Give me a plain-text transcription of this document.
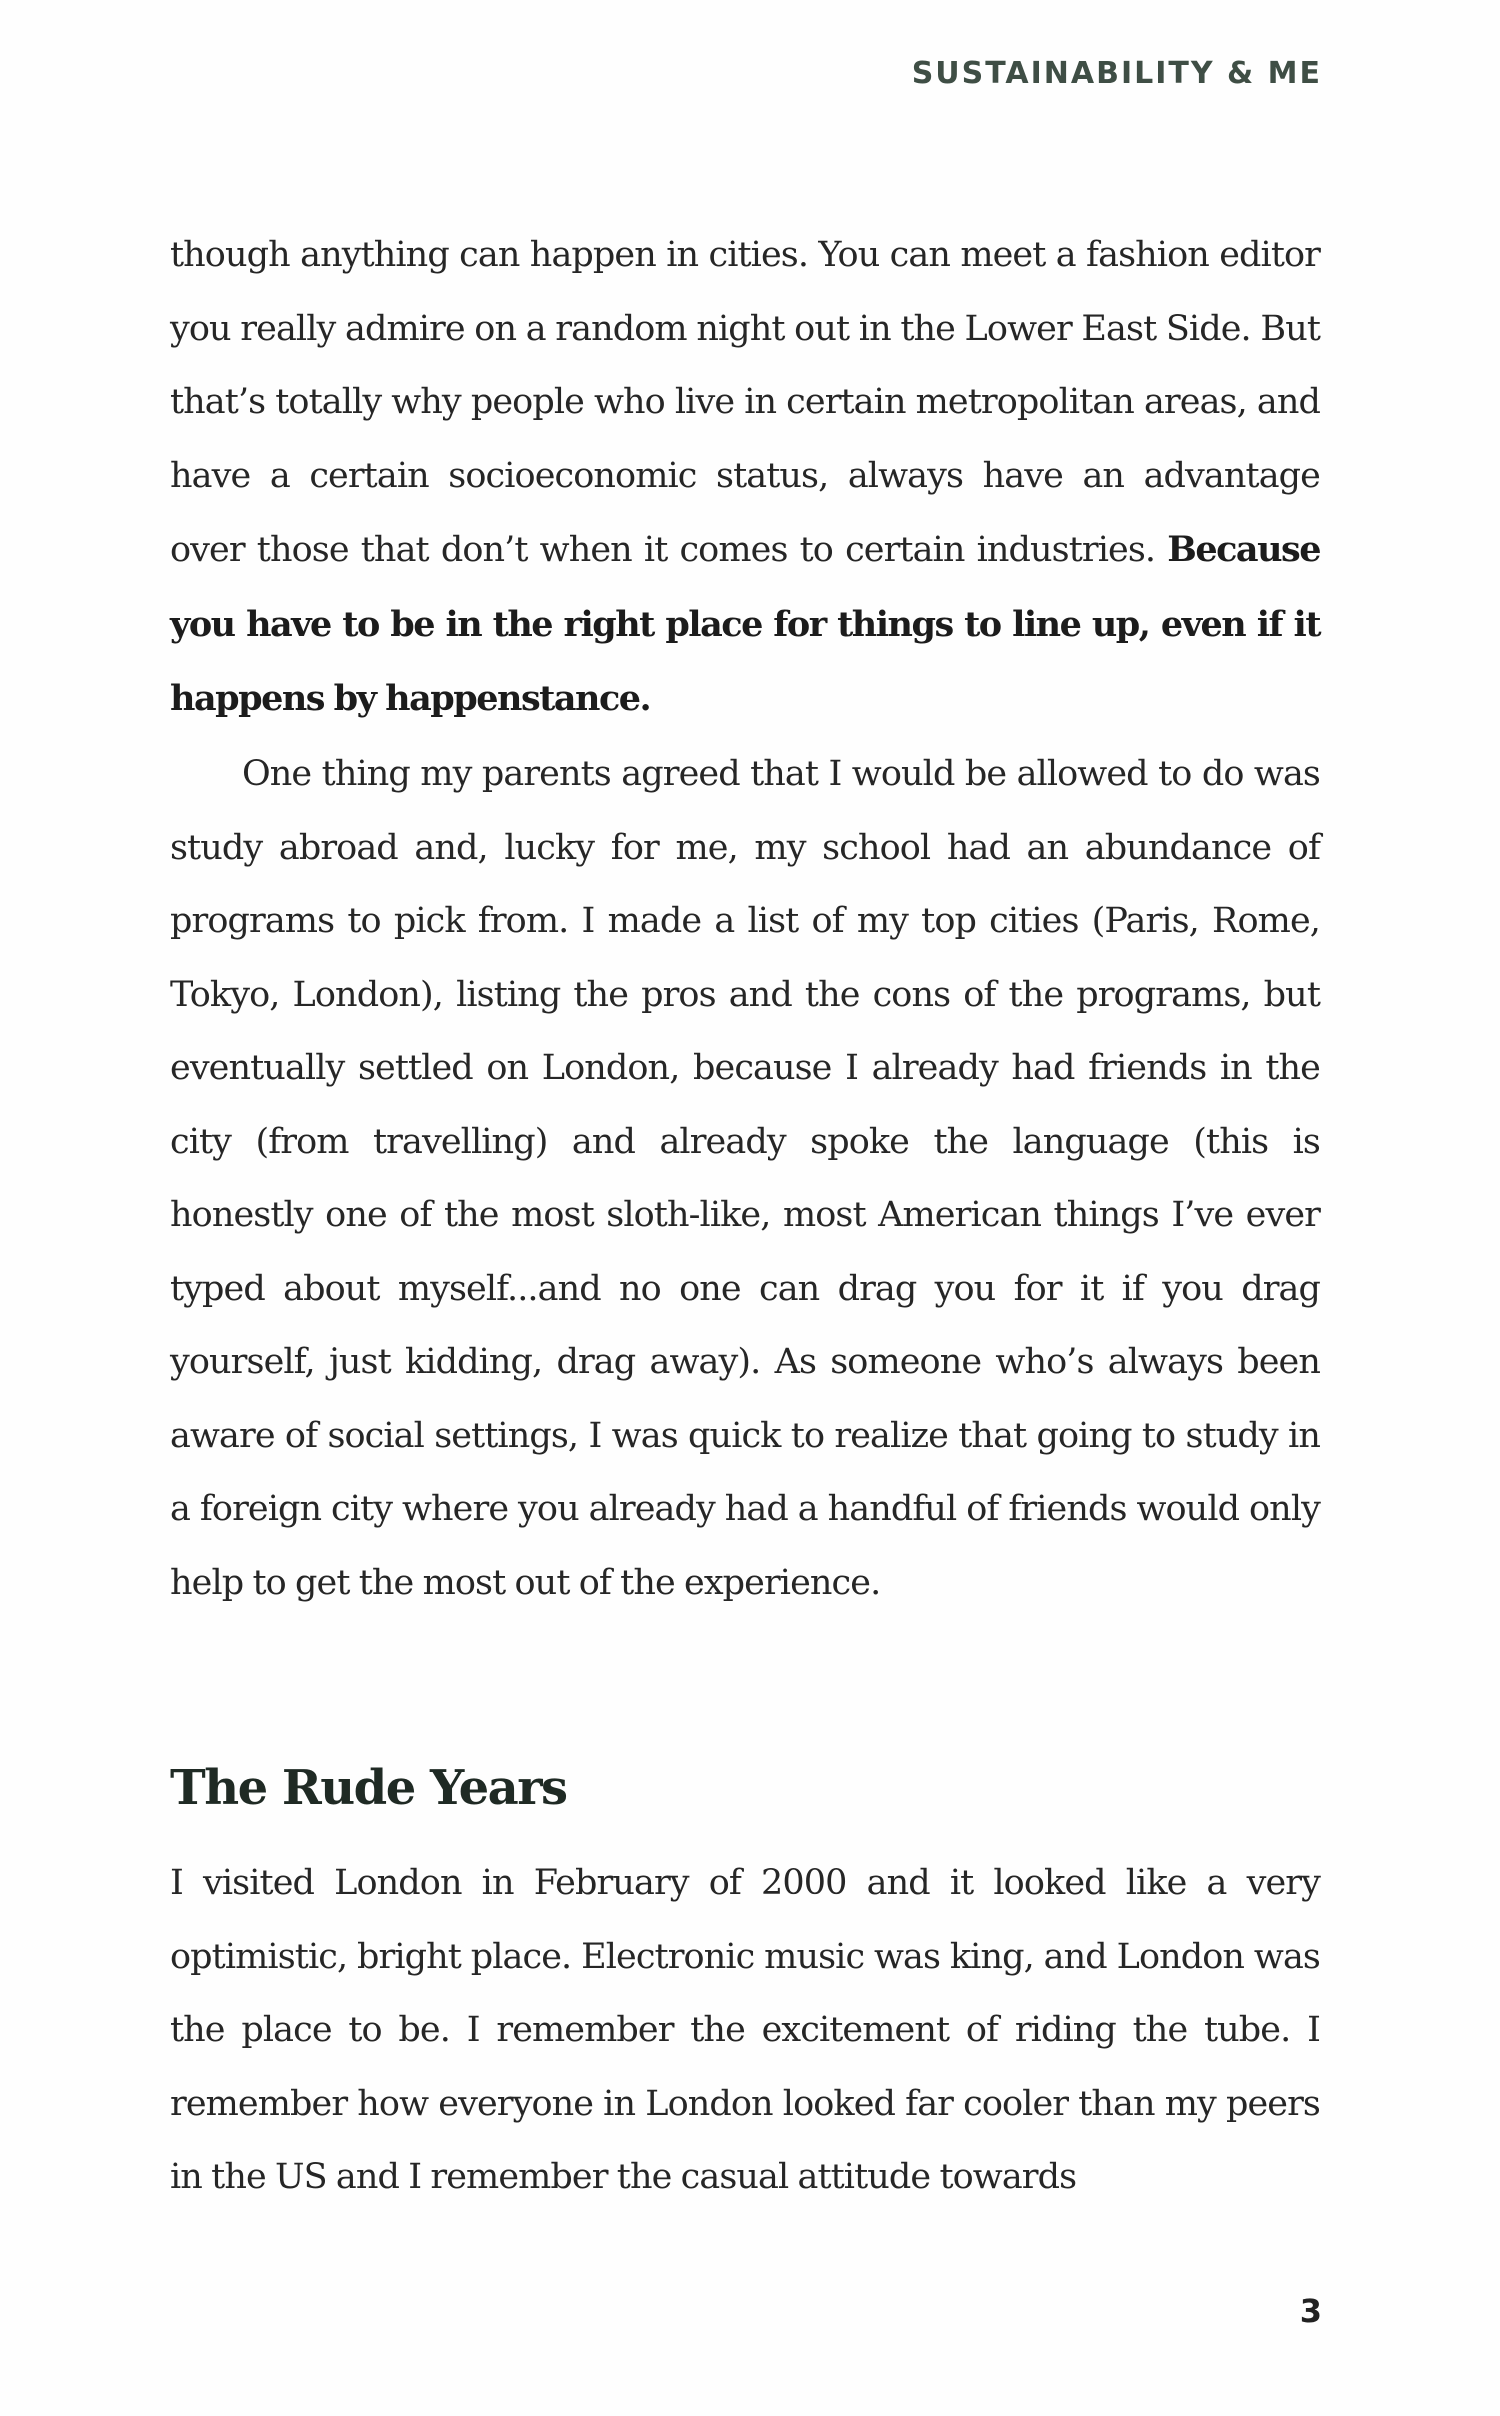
SUSTAINABILITY & ME

though anything can happen in cities. You can meet a fashion editor you really admire on a random night out in the Lower East Side. But that’s totally why people who live in certain metropolitan areas, and have a certain socioeconomic status, always have an advantage over those that don’t when it comes to certain industries. Because you have to be in the right place for things to line up, even if it happens by happenstance.

One thing my parents agreed that I would be allowed to do was study abroad and, lucky for me, my school had an abundance of programs to pick from. I made a list of my top cities (Paris, Rome, Tokyo, London), listing the pros and the cons of the programs, but eventually settled on London, because I already had friends in the city (from travelling) and already spoke the language (this is honestly one of the most sloth-like, most American things I’ve ever typed about myself...and no one can drag you for it if you drag yourself, just kidding, drag away). As someone who’s always been aware of social settings, I was quick to realize that going to study in a foreign city where you already had a handful of friends would only help to get the most out of the experience.

The Rude Years

I visited London in February of 2000 and it looked like a very optimistic, bright place. Electronic music was king, and London was the place to be. I remember the excitement of riding the tube. I remember how everyone in London looked far cooler than my peers in the US and I remember the casual attitude towards

3
